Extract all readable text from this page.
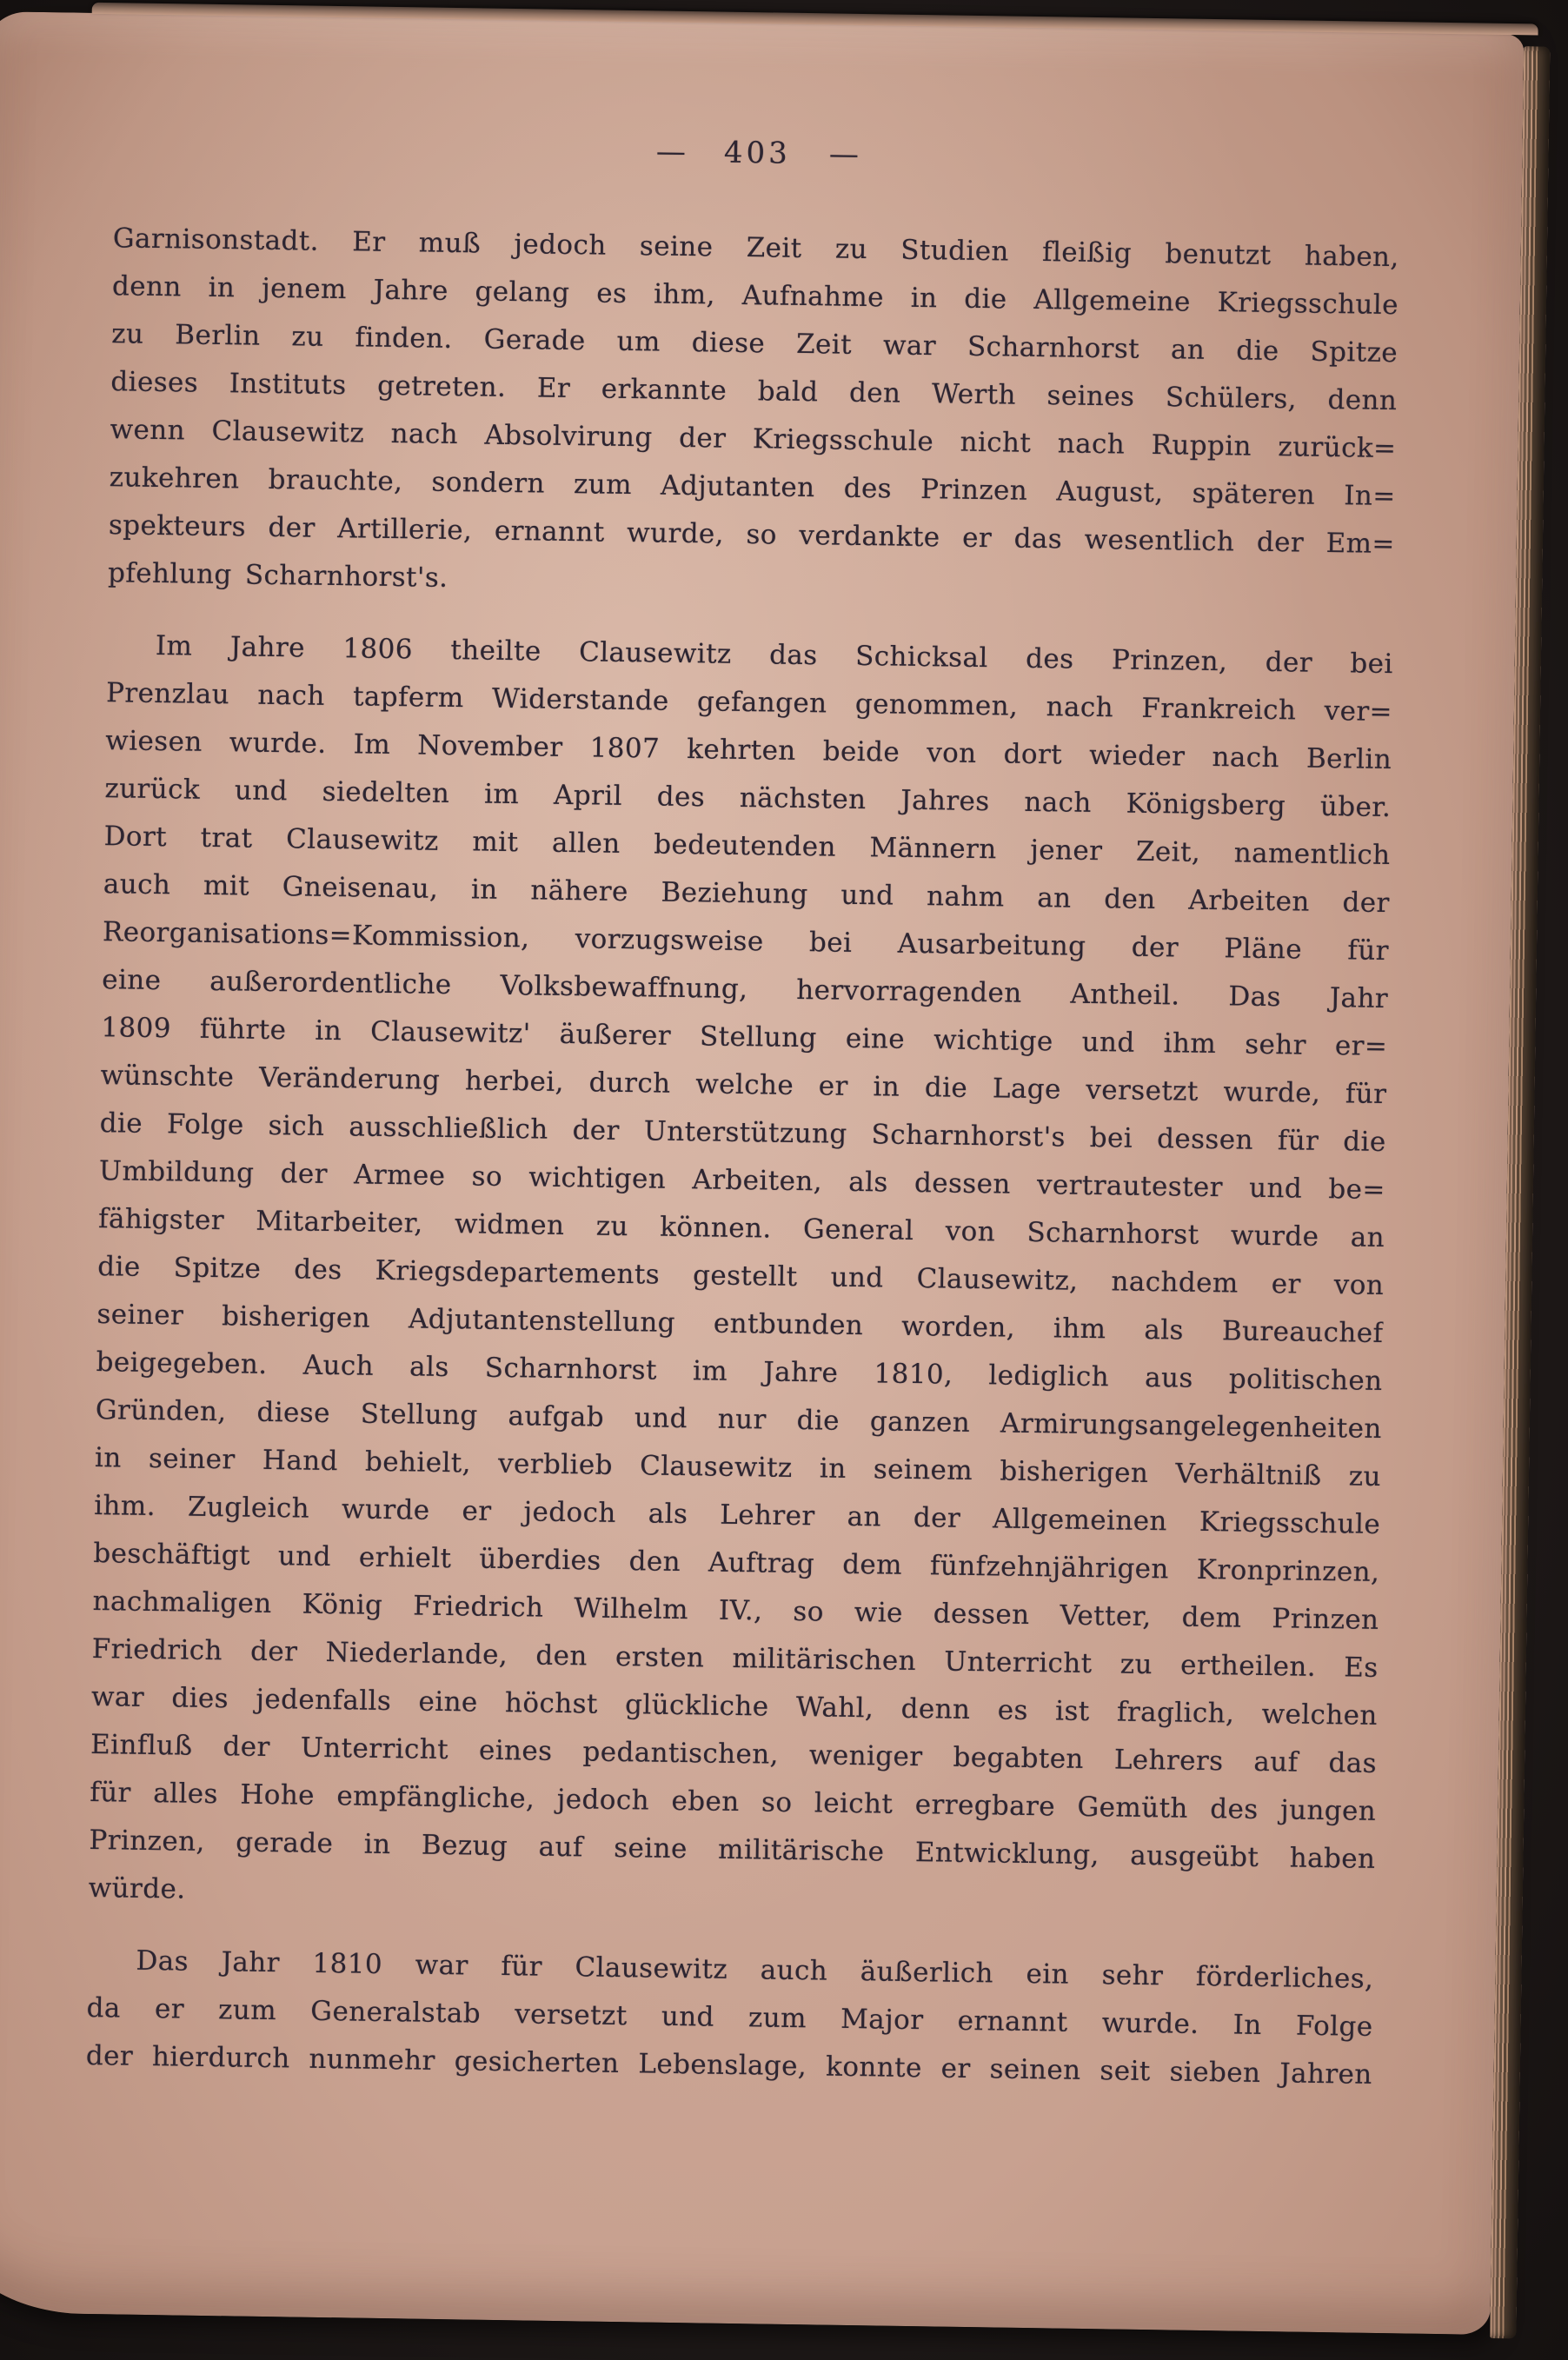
— 403 —
Garnisonstadt. Er muß jedoch seine Zeit zu Studien fleißig benutzt haben,
denn in jenem Jahre gelang es ihm, Aufnahme in die Allgemeine Kriegsschule
zu Berlin zu finden. Gerade um diese Zeit war Scharnhorst an die Spitze
dieses Instituts getreten. Er erkannte bald den Werth seines Schülers, denn
wenn Clausewitz nach Absolvirung der Kriegsschule nicht nach Ruppin zurück=
zukehren brauchte, sondern zum Adjutanten des Prinzen August, späteren In=
spekteurs der Artillerie, ernannt wurde, so verdankte er das wesentlich der Em=
pfehlung Scharnhorst's.
Im Jahre 1806 theilte Clausewitz das Schicksal des Prinzen, der bei
Prenzlau nach tapferm Widerstande gefangen genommen, nach Frankreich ver=
wiesen wurde. Im November 1807 kehrten beide von dort wieder nach Berlin
zurück und siedelten im April des nächsten Jahres nach Königsberg über.
Dort trat Clausewitz mit allen bedeutenden Männern jener Zeit, namentlich
auch mit Gneisenau, in nähere Beziehung und nahm an den Arbeiten der
Reorganisations=Kommission, vorzugsweise bei Ausarbeitung der Pläne für
eine außerordentliche Volksbewaffnung, hervorragenden Antheil. Das Jahr
1809 führte in Clausewitz' äußerer Stellung eine wichtige und ihm sehr er=
wünschte Veränderung herbei, durch welche er in die Lage versetzt wurde, für
die Folge sich ausschließlich der Unterstützung Scharnhorst's bei dessen für die
Umbildung der Armee so wichtigen Arbeiten, als dessen vertrautester und be=
fähigster Mitarbeiter, widmen zu können. General von Scharnhorst wurde an
die Spitze des Kriegsdepartements gestellt und Clausewitz, nachdem er von
seiner bisherigen Adjutantenstellung entbunden worden, ihm als Bureauchef
beigegeben. Auch als Scharnhorst im Jahre 1810, lediglich aus politischen
Gründen, diese Stellung aufgab und nur die ganzen Armirungsangelegenheiten
in seiner Hand behielt, verblieb Clausewitz in seinem bisherigen Verhältniß zu
ihm. Zugleich wurde er jedoch als Lehrer an der Allgemeinen Kriegsschule
beschäftigt und erhielt überdies den Auftrag dem fünfzehnjährigen Kronprinzen,
nachmaligen König Friedrich Wilhelm IV., so wie dessen Vetter, dem Prinzen
Friedrich der Niederlande, den ersten militärischen Unterricht zu ertheilen. Es
war dies jedenfalls eine höchst glückliche Wahl, denn es ist fraglich, welchen
Einfluß der Unterricht eines pedantischen, weniger begabten Lehrers auf das
für alles Hohe empfängliche, jedoch eben so leicht erregbare Gemüth des jungen
Prinzen, gerade in Bezug auf seine militärische Entwicklung, ausgeübt haben
würde.
Das Jahr 1810 war für Clausewitz auch äußerlich ein sehr förderliches,
da er zum Generalstab versetzt und zum Major ernannt wurde. In Folge
der hierdurch nunmehr gesicherten Lebenslage, konnte er seinen seit sieben Jahren
